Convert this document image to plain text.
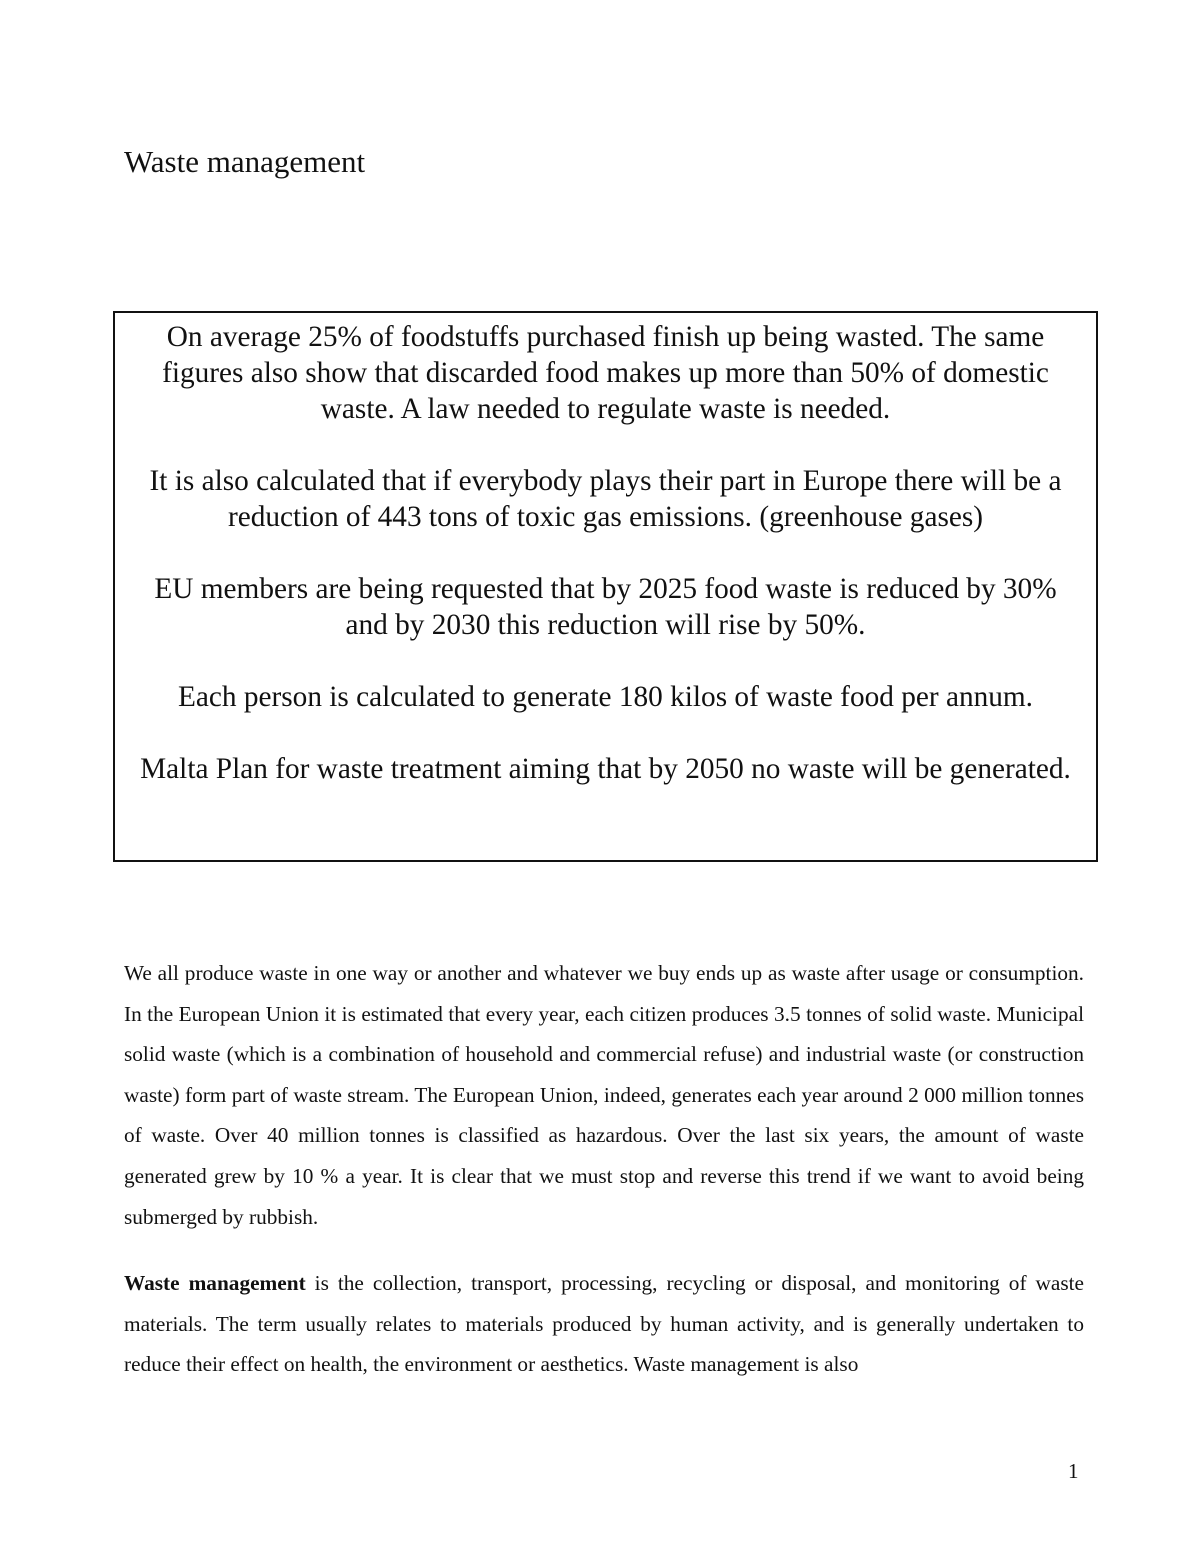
Waste management

On average 25% of foodstuffs purchased finish up being wasted. The same figures also show that discarded food makes up more than 50% of domestic waste. A law needed to regulate waste is needed.

It is also calculated that if everybody plays their part in Europe there will be a reduction of 443 tons of toxic gas emissions. (greenhouse gases)

EU members are being requested that by 2025 food waste is reduced by 30% and by 2030 this reduction will rise by 50%.

Each person is calculated to generate 180 kilos of waste food per annum.

Malta Plan for waste treatment aiming that by 2050 no waste will be generated.

We all produce waste in one way or another and whatever we buy ends up as waste after usage or consumption. In the European Union it is estimated that every year, each citizen produces 3.5 tonnes of solid waste. Municipal solid waste (which is a combination of household and commercial refuse) and industrial waste (or construction waste) form part of waste stream. The European Union, indeed, generates each year around 2 000 million tonnes of waste. Over 40 million tonnes is classified as hazardous. Over the last six years, the amount of waste generated grew by 10 % a year. It is clear that we must stop and reverse this trend if we want to avoid being submerged by rubbish.

Waste management is the collection, transport, processing, recycling or disposal, and monitoring of waste materials. The term usually relates to materials produced by human activity, and is generally undertaken to reduce their effect on health, the environment or aesthetics. Waste management is also

1
